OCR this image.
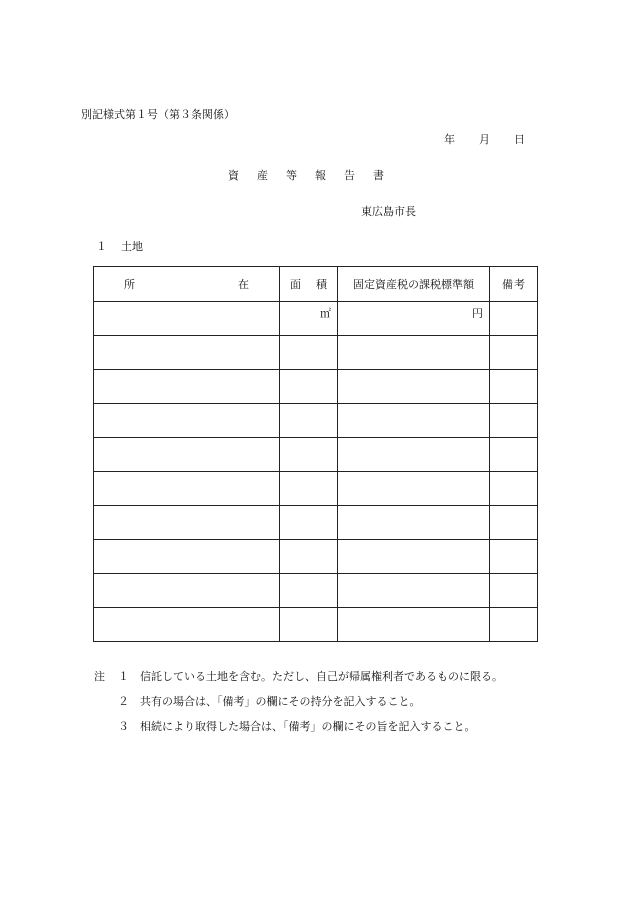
別記様式第１号（第３条関係）
年 月 日
資産等報告書
東広島市長
１ 土地
所 在	面 積	固定資産税の課税標準額	備 考

	㎡	円	

注 １ 信託している土地を含む。ただし、自己が帰属権利者であるものに限る。
２ 共有の場合は、「備考」の欄にその持分を記入すること。
３ 相続により取得した場合は、「備考」の欄にその旨を記入すること。
